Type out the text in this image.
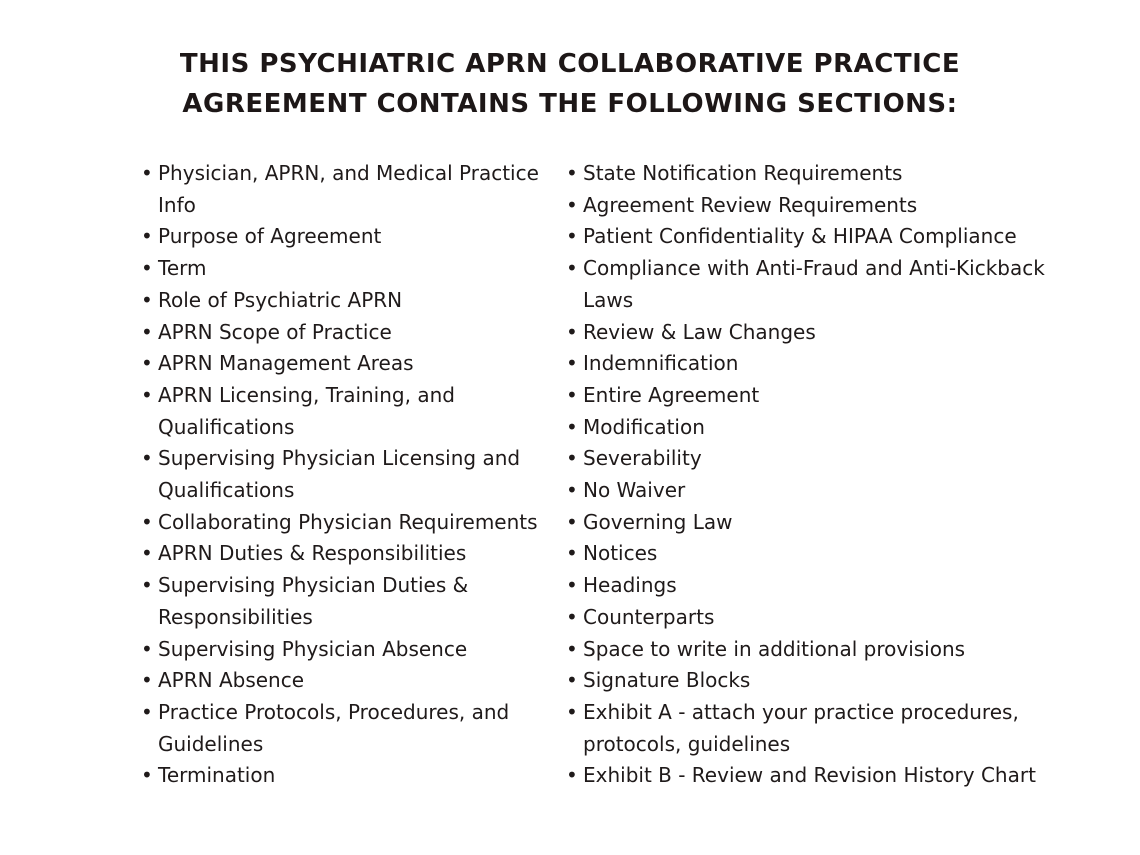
THIS PSYCHIATRIC APRN COLLABORATIVE PRACTICE
AGREEMENT CONTAINS THE FOLLOWING SECTIONS:
• Physician, APRN, and Medical Practice Info
• Purpose of Agreement
• Term
• Role of Psychiatric APRN
• APRN Scope of Practice
• APRN Management Areas
• APRN Licensing, Training, and Qualifications
• Supervising Physician Licensing and Qualifications
• Collaborating Physician Requirements
• APRN Duties & Responsibilities
• Supervising Physician Duties & Responsibilities
• Supervising Physician Absence
• APRN Absence
• Practice Protocols, Procedures, and Guidelines
• Termination
• State Notification Requirements
• Agreement Review Requirements
• Patient Confidentiality & HIPAA Compliance
• Compliance with Anti-Fraud and Anti-Kickback Laws
• Review & Law Changes
• Indemnification
• Entire Agreement
• Modification
• Severability
• No Waiver
• Governing Law
• Notices
• Headings
• Counterparts
• Space to write in additional provisions
• Signature Blocks
• Exhibit A - attach your practice procedures, protocols, guidelines
• Exhibit B - Review and Revision History Chart
